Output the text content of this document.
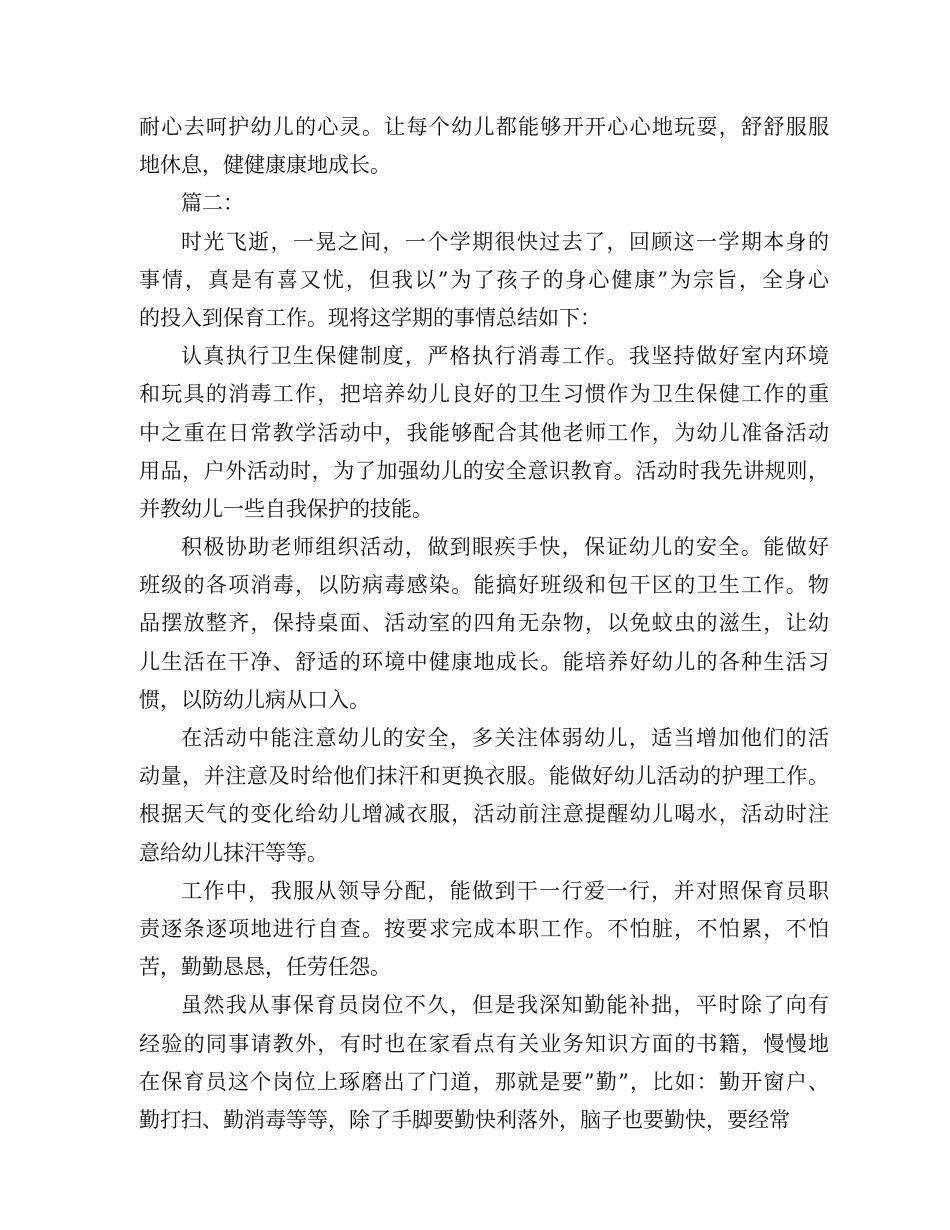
耐心去呵护幼儿的心灵。让每个幼儿都能够开开心心地玩耍，舒舒服服
地休息，健健康康地成长。
篇二：
时光飞逝，一晃之间，一个学期很快过去了，回顾这一学期本身的
事情，真是有喜又忧，但我以”为了孩子的身心健康”为宗旨，全身心
的投入到保育工作。现将这学期的事情总结如下：
认真执行卫生保健制度，严格执行消毒工作。我坚持做好室内环境
和玩具的消毒工作，把培养幼儿良好的卫生习惯作为卫生保健工作的重
中之重在日常教学活动中，我能够配合其他老师工作，为幼儿准备活动
用品，户外活动时，为了加强幼儿的安全意识教育。活动时我先讲规则，
并教幼儿一些自我保护的技能。
积极协助老师组织活动，做到眼疾手快，保证幼儿的安全。能做好
班级的各项消毒，以防病毒感染。能搞好班级和包干区的卫生工作。物
品摆放整齐，保持桌面、活动室的四角无杂物，以免蚊虫的滋生，让幼
儿生活在干净、舒适的环境中健康地成长。能培养好幼儿的各种生活习
惯，以防幼儿病从口入。
在活动中能注意幼儿的安全，多关注体弱幼儿，适当增加他们的活
动量，并注意及时给他们抹汗和更换衣服。能做好幼儿活动的护理工作。
根据天气的变化给幼儿增减衣服，活动前注意提醒幼儿喝水，活动时注
意给幼儿抹汗等等。
工作中，我服从领导分配，能做到干一行爱一行，并对照保育员职
责逐条逐项地进行自查。按要求完成本职工作。不怕脏，不怕累，不怕
苦，勤勤恳恳，任劳任怨。
虽然我从事保育员岗位不久，但是我深知勤能补拙，平时除了向有
经验的同事请教外，有时也在家看点有关业务知识方面的书籍，慢慢地
在保育员这个岗位上琢磨出了门道，那就是要”勤”，比如：勤开窗户、
勤打扫、勤消毒等等，除了手脚要勤快利落外，脑子也要勤快，要经常
